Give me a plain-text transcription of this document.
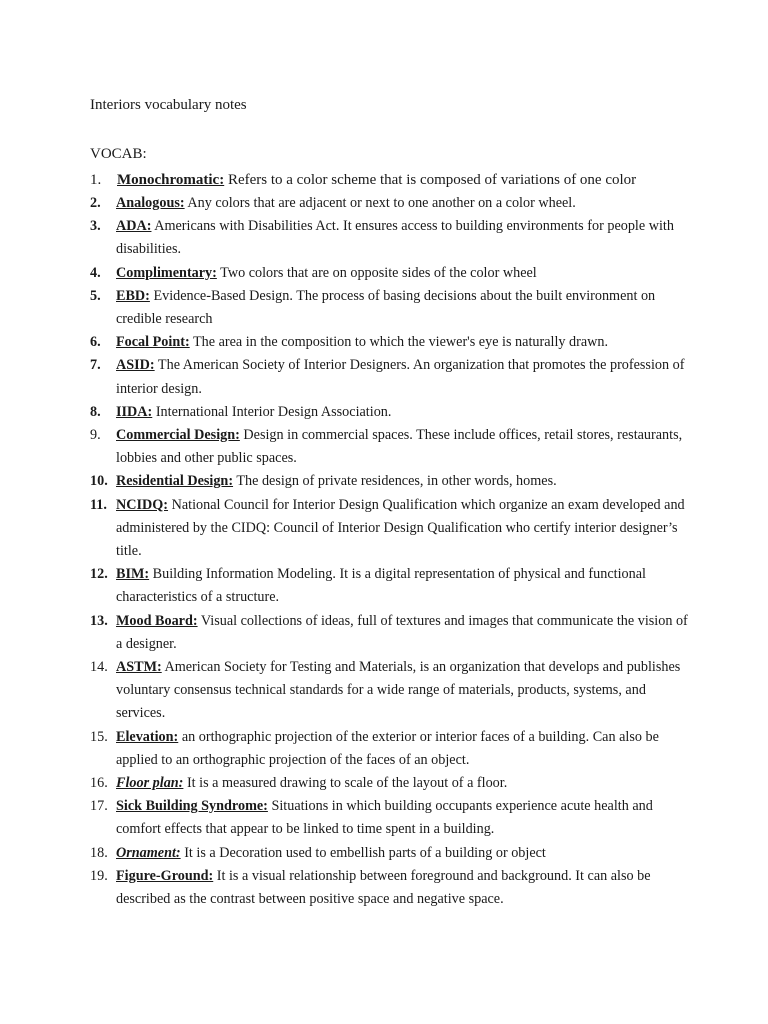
Interiors vocabulary notes
VOCAB:
1.	Monochromatic: Refers to a color scheme that is composed of variations of one color
2.	Analogous: Any colors that are adjacent or next to one another on a color wheel.
3.	ADA: Americans with Disabilities Act. It ensures access to building environments for people with disabilities.
4.	Complimentary: Two colors that are on opposite sides of the color wheel
5.	EBD: Evidence-Based Design. The process of basing decisions about the built environment on credible research
6.	Focal Point: The area in the composition to which the viewer's eye is naturally drawn.
7.	ASID: The American Society of Interior Designers. An organization that promotes the profession of interior design.
8.	IIDA: International Interior Design Association.
9.	Commercial Design: Design in commercial spaces. These include offices, retail stores, restaurants, lobbies and other public spaces.
10. Residential Design: The design of private residences, in other words, homes.
11. NCIDQ: National Council for Interior Design Qualification which organize an exam developed and administered by the CIDQ: Council of Interior Design Qualification who certify interior designer’s title.
12. BIM: Building Information Modeling. It is a digital representation of physical and functional characteristics of a structure.
13. Mood Board: Visual collections of ideas, full of textures and images that communicate the vision of a designer.
14. ASTM: American Society for Testing and Materials, is an organization that develops and publishes voluntary consensus technical standards for a wide range of materials, products, systems, and services.
15. Elevation: an orthographic projection of the exterior or interior faces of a building. Can also be applied to an orthographic projection of the faces of an object.
16. Floor plan: It is a measured drawing to scale of the layout of a floor.
17. Sick Building Syndrome: Situations in which building occupants experience acute health and comfort effects that appear to be linked to time spent in a building.
18. Ornament: It is a Decoration used to embellish parts of a building or object
19. Figure-Ground: It is a visual relationship between foreground and background. It can also be described as the contrast between positive space and negative space.
